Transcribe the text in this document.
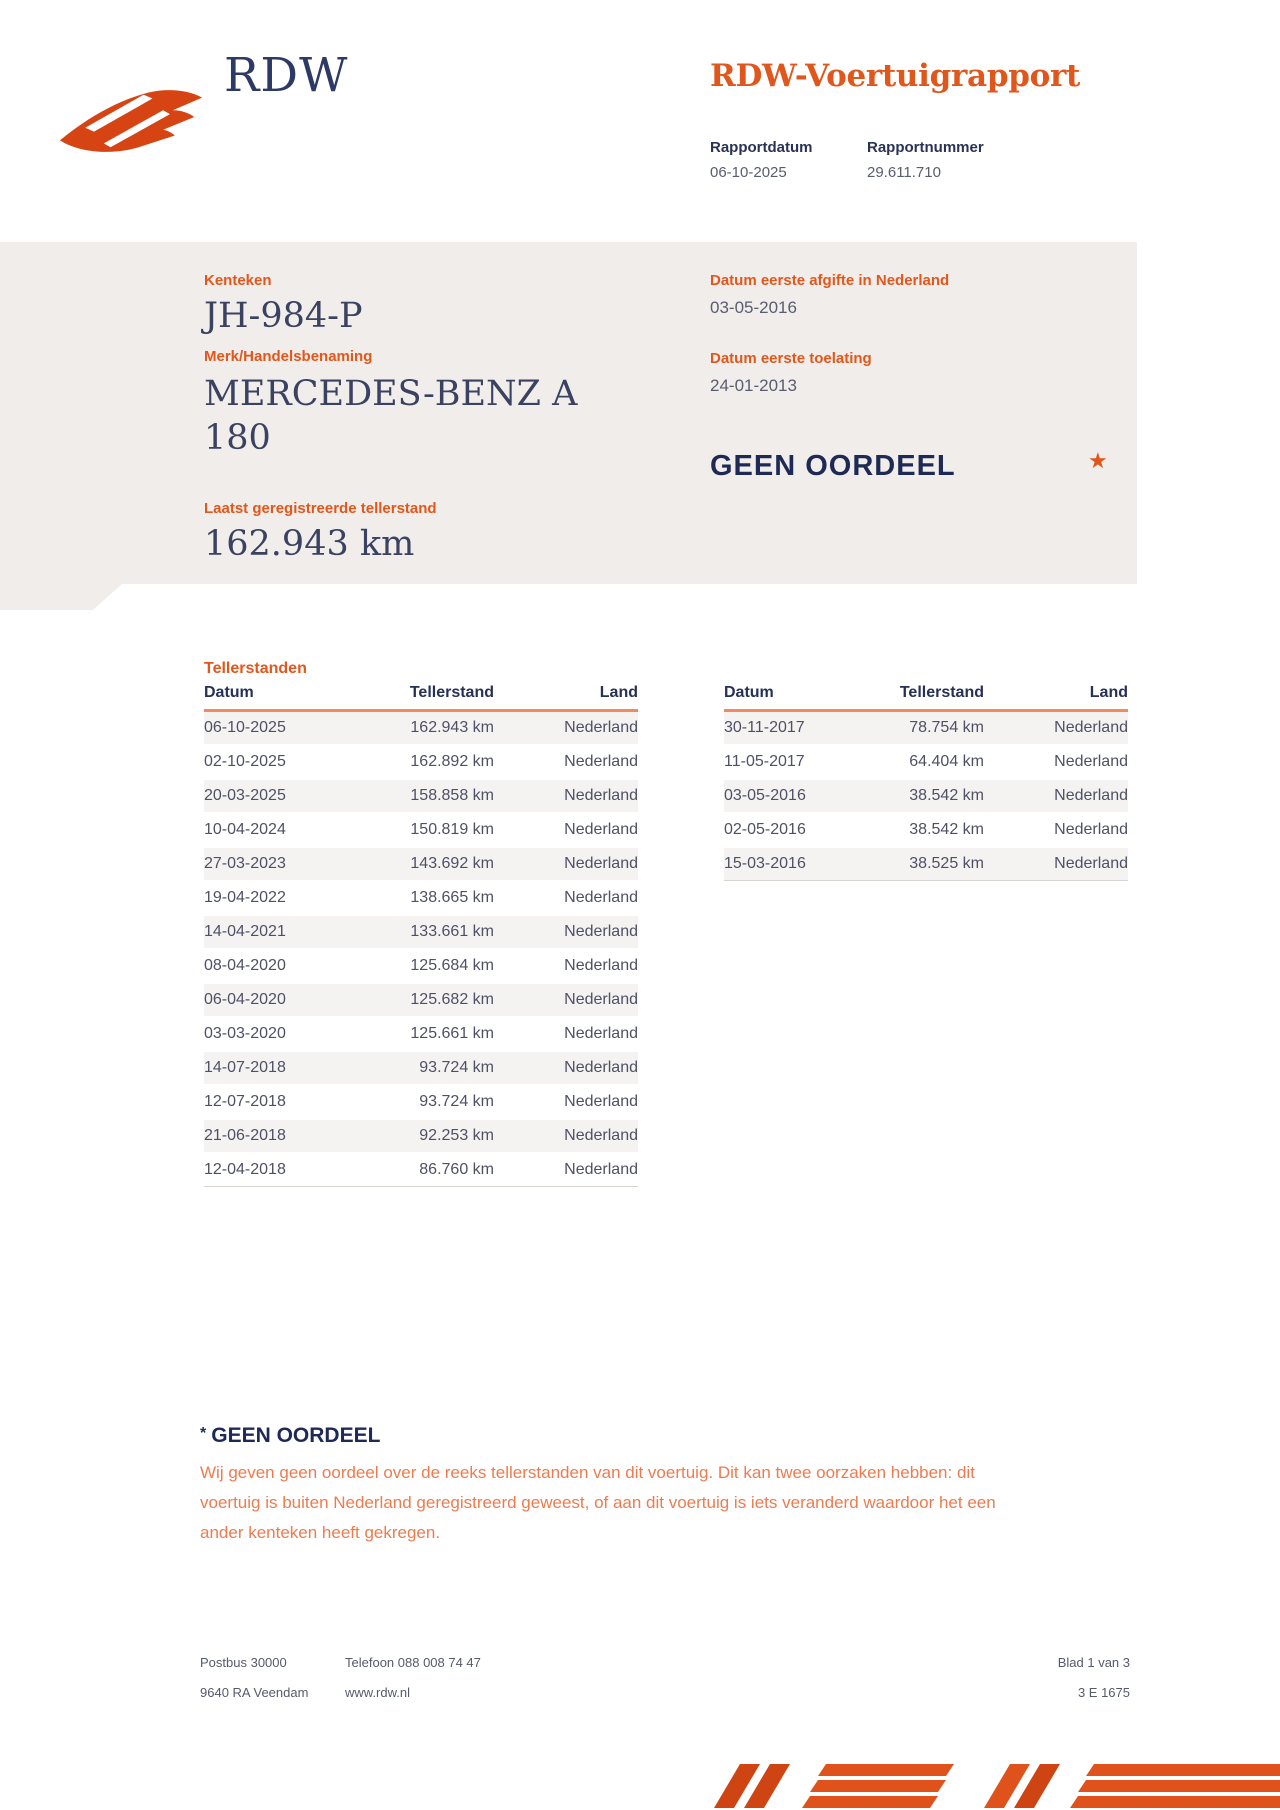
RDW	RDW-Voertuigrapport
Rapportdatum	Rapportnummer
06-10-2025	29.611.710
Kenteken
JH-984-P
Merk/Handelsbenaming
MERCEDES-BENZ A 180
Laatst geregistreerde tellerstand
162.943 km
Datum eerste afgifte in Nederland
03-05-2016
Datum eerste toelating
24-01-2013
GEEN OORDEEL	★
Tellerstanden
Datum	Tellerstand	Land
06-10-2025	162.943 km	Nederland
02-10-2025	162.892 km	Nederland
20-03-2025	158.858 km	Nederland
10-04-2024	150.819 km	Nederland
27-03-2023	143.692 km	Nederland
19-04-2022	138.665 km	Nederland
14-04-2021	133.661 km	Nederland
08-04-2020	125.684 km	Nederland
06-04-2020	125.682 km	Nederland
03-03-2020	125.661 km	Nederland
14-07-2018	93.724 km	Nederland
12-07-2018	93.724 km	Nederland
21-06-2018	92.253 km	Nederland
12-04-2018	86.760 km	Nederland
Datum	Tellerstand	Land
30-11-2017	78.754 km	Nederland
11-05-2017	64.404 km	Nederland
03-05-2016	38.542 km	Nederland
02-05-2016	38.542 km	Nederland
15-03-2016	38.525 km	Nederland
* GEEN OORDEEL
Wij geven geen oordeel over de reeks tellerstanden van dit voertuig. Dit kan twee oorzaken hebben: dit
voertuig is buiten Nederland geregistreerd geweest, of aan dit voertuig is iets veranderd waardoor het een
ander kenteken heeft gekregen.
Postbus 30000
9640 RA Veendam
Telefoon 088 008 74 47
www.rdw.nl
Blad 1 van 3
3 E 1675
